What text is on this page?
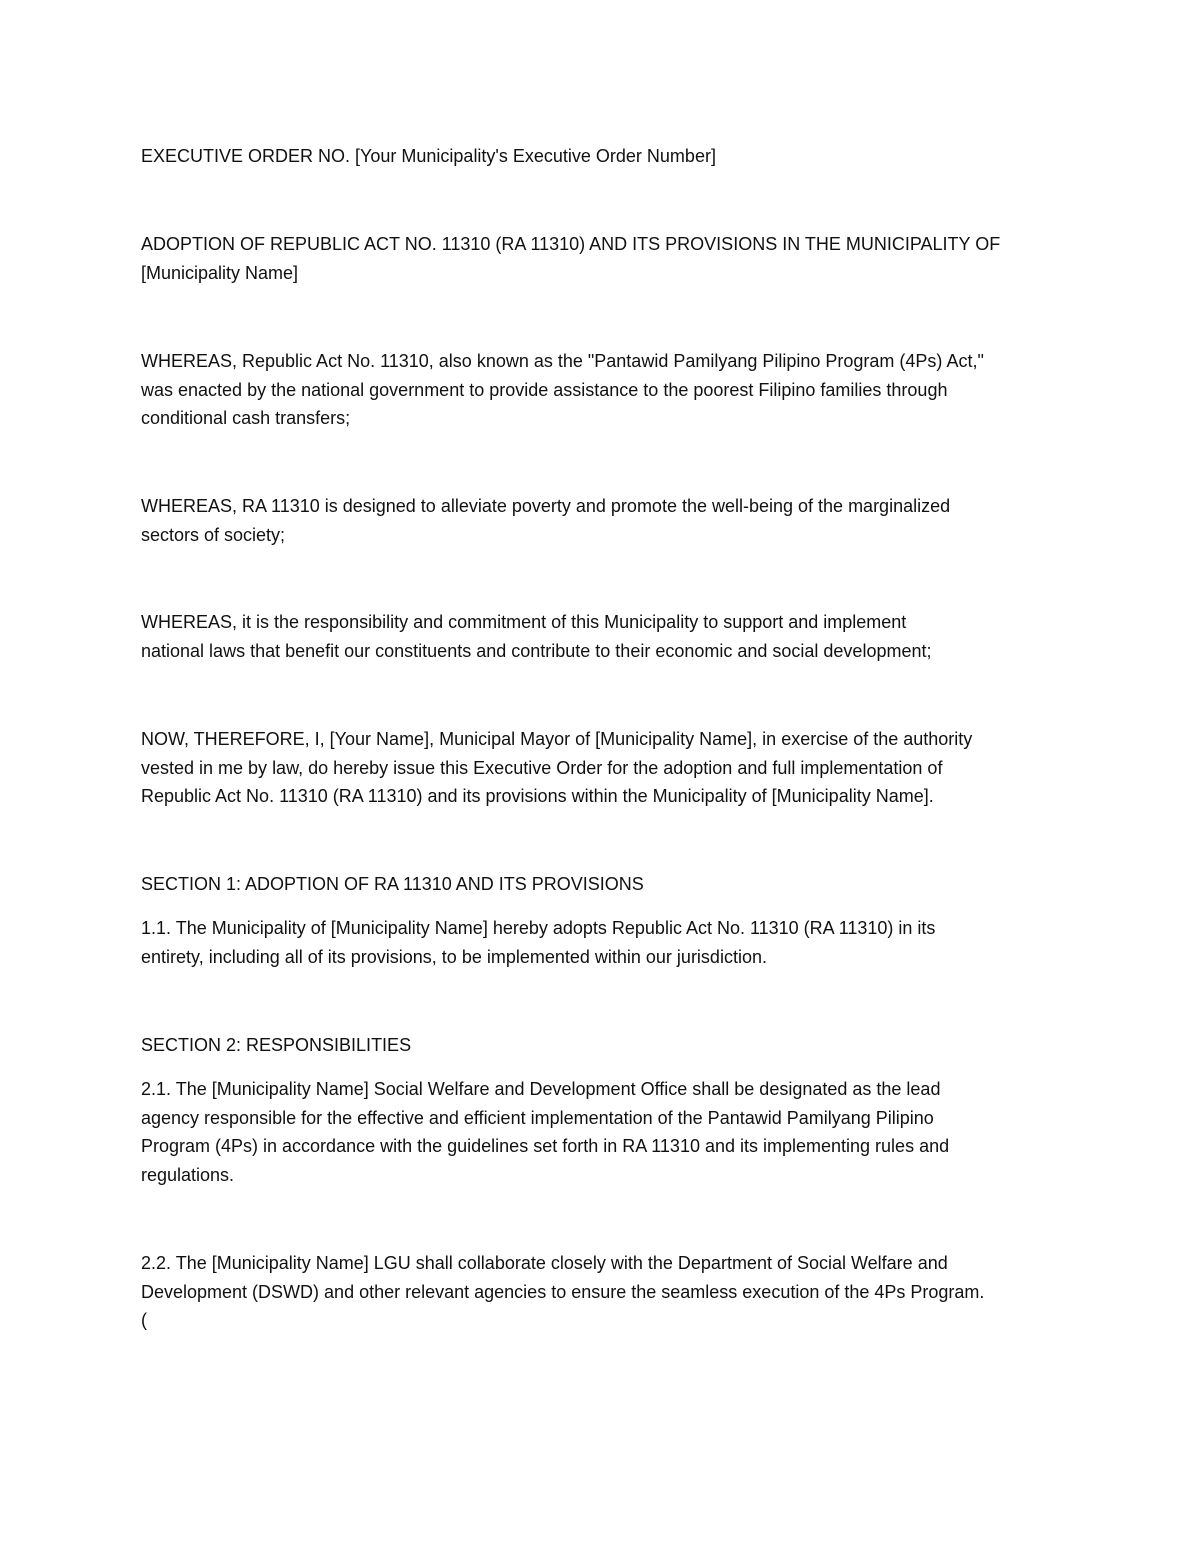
EXECUTIVE ORDER NO. [Your Municipality's Executive Order Number]

ADOPTION OF REPUBLIC ACT NO. 11310 (RA 11310) AND ITS PROVISIONS IN THE MUNICIPALITY OF
[Municipality Name]

WHEREAS, Republic Act No. 11310, also known as the "Pantawid Pamilyang Pilipino Program (4Ps) Act,"
was enacted by the national government to provide assistance to the poorest Filipino families through
conditional cash transfers;

WHEREAS, RA 11310 is designed to alleviate poverty and promote the well-being of the marginalized
sectors of society;

WHEREAS, it is the responsibility and commitment of this Municipality to support and implement
national laws that benefit our constituents and contribute to their economic and social development;

NOW, THEREFORE, I, [Your Name], Municipal Mayor of [Municipality Name], in exercise of the authority
vested in me by law, do hereby issue this Executive Order for the adoption and full implementation of
Republic Act No. 11310 (RA 11310) and its provisions within the Municipality of [Municipality Name].

SECTION 1: ADOPTION OF RA 11310 AND ITS PROVISIONS

1.1. The Municipality of [Municipality Name] hereby adopts Republic Act No. 11310 (RA 11310) in its
entirety, including all of its provisions, to be implemented within our jurisdiction.

SECTION 2: RESPONSIBILITIES

2.1. The [Municipality Name] Social Welfare and Development Office shall be designated as the lead
agency responsible for the effective and efficient implementation of the Pantawid Pamilyang Pilipino
Program (4Ps) in accordance with the guidelines set forth in RA 11310 and its implementing rules and
regulations.

2.2. The [Municipality Name] LGU shall collaborate closely with the Department of Social Welfare and
Development (DSWD) and other relevant agencies to ensure the seamless execution of the 4Ps Program.
(
